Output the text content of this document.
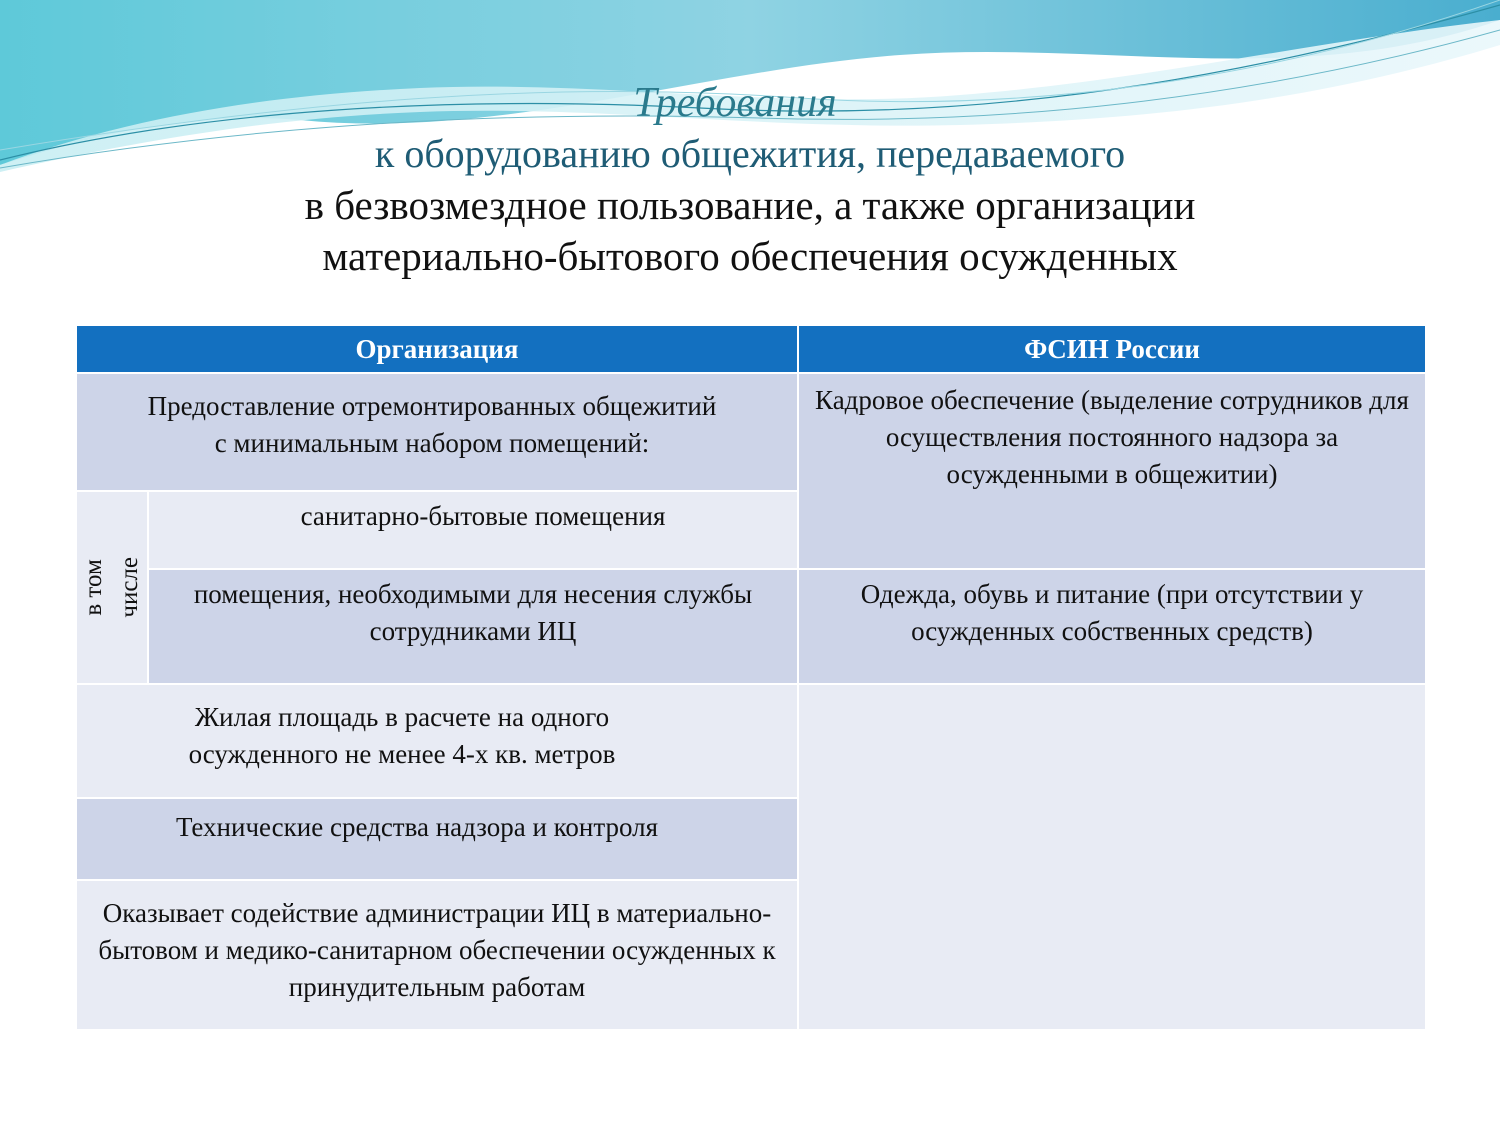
Требования
к оборудованию общежития, передаваемого
в безвозмездное пользование, а также организации
материально-бытового обеспечения осужденных
Организация		ФСИН России

Предоставление отремонтированных общежитий с минимальным набором помещений:		Кадровое обеспечение (выделение сотрудников для осуществления постоянного надзора за осужденными в общежитии)

в том
числе	санитарно-бытовые помещения	

	помещения, необходимыми для несения службы сотрудниками ИЦ	Одежда, обувь и питание (при отсутствии у осужденных собственных средств)

Жилая площадь в расчете на одного осужденного не менее 4-х кв. метров		

Технические средства надзора и контроля		

Оказывает содействие администрации ИЦ в материально-бытовом и медико-санитарном обеспечении осужденных к принудительным работам		
